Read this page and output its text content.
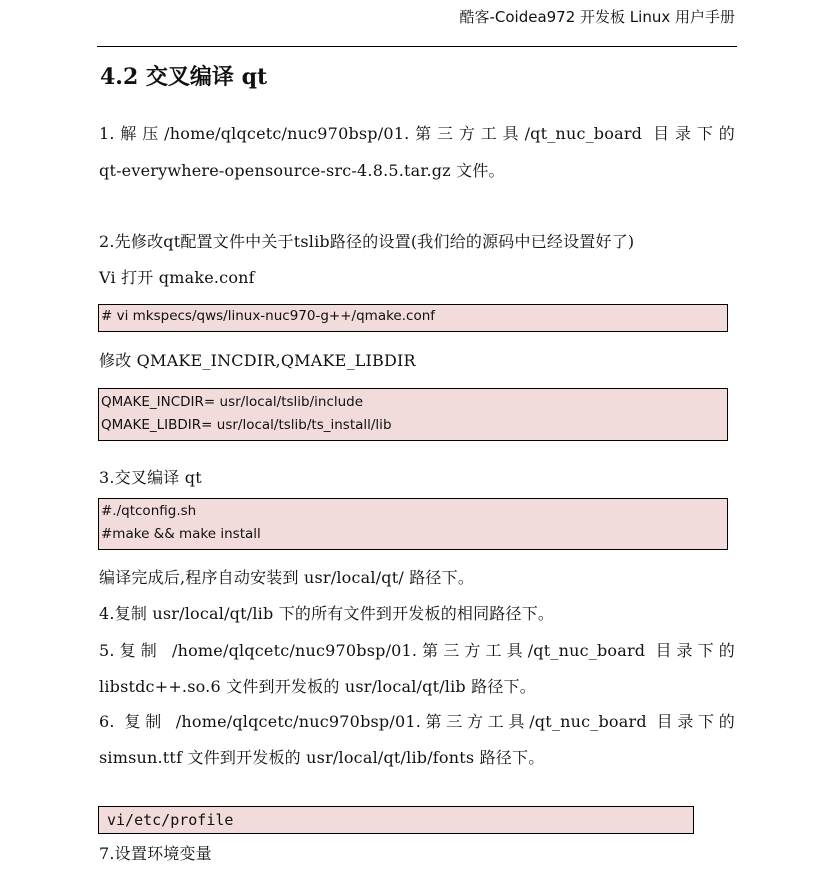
酷客-Coidea972 开发板 Linux 用户手册
4.2 交叉编译 qt
1.解压/home/qlqcetc/nuc970bsp/01.第三方工具/qt_nuc_board 目录下的
qt-everywhere-opensource-src-4.8.5.tar.gz 文件。
2.先修改qt配置文件中关于tslib路径的设置(我们给的源码中已经设置好了)
Vi 打开 qmake.conf
# vi mkspecs/qws/linux-nuc970-g++/qmake.conf
修改 QMAKE_INCDIR,QMAKE_LIBDIR
QMAKE_INCDIR= usr/local/tslib/include
QMAKE_LIBDIR= usr/local/tslib/ts_install/lib
3.交叉编译 qt
#./qtconfig.sh
#make && make install
编译完成后,程序自动安装到 usr/local/qt/ 路径下。
4.复制 usr/local/qt/lib 下的所有文件到开发板的相同路径下。
5.复制 /home/qlqcetc/nuc970bsp/01.第三方工具/qt_nuc_board 目录下的
libstdc++.so.6 文件到开发板的 usr/local/qt/lib 路径下。
6. 复制 /home/qlqcetc/nuc970bsp/01.第三方工具/qt_nuc_board 目录下的
simsun.ttf 文件到开发板的 usr/local/qt/lib/fonts 路径下。
vi/etc/profile
7.设置环境变量
